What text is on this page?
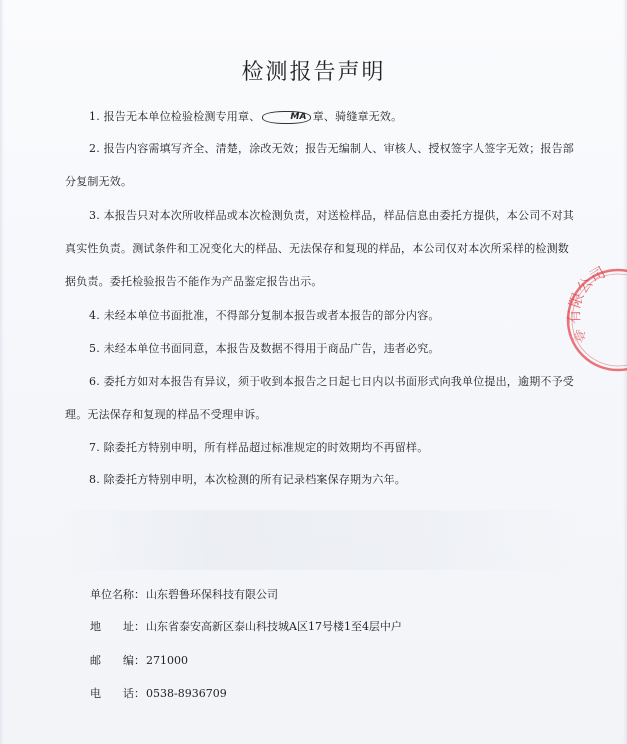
检测报告声明

1. 报告无本单位检验检测专用章、	MA 章、骑缝章无效。

2. 报告内容需填写齐全、清楚，涂改无效；报告无编制人、审核人、授权签字人签字无效；报告部分复制无效。

3. 本报告只对本次所收样品或本次检测负责，对送检样品，样品信息由委托方提供，本公司不对其真实性负责。测试条件和工况变化大的样品、无法保存和复现的样品，本公司仅对本次所采样的检测数据负责。委托检验报告不能作为产品鉴定报告出示。

4. 未经本单位书面批准，不得部分复制本报告或者本报告的部分内容。

5. 未经本单位书面同意，本报告及数据不得用于商品广告，违者必究。

6. 委托方如对本报告有异议，须于收到本报告之日起七日内以书面形式向我单位提出，逾期不予受理。无法保存和复现的样品不受理申诉。

7. 除委托方特别申明，所有样品超过标准规定的时效期均不再留样。

8. 除委托方特别申明，本次检测的所有记录档案保存期为六年。

单位名称：山东碧鲁环保科技有限公司
地　　址：山东省泰安高新区泰山科技城A区17号楼1至4层中户
邮　　编：271000
电　　话：0538-8936709
有限公司
章
